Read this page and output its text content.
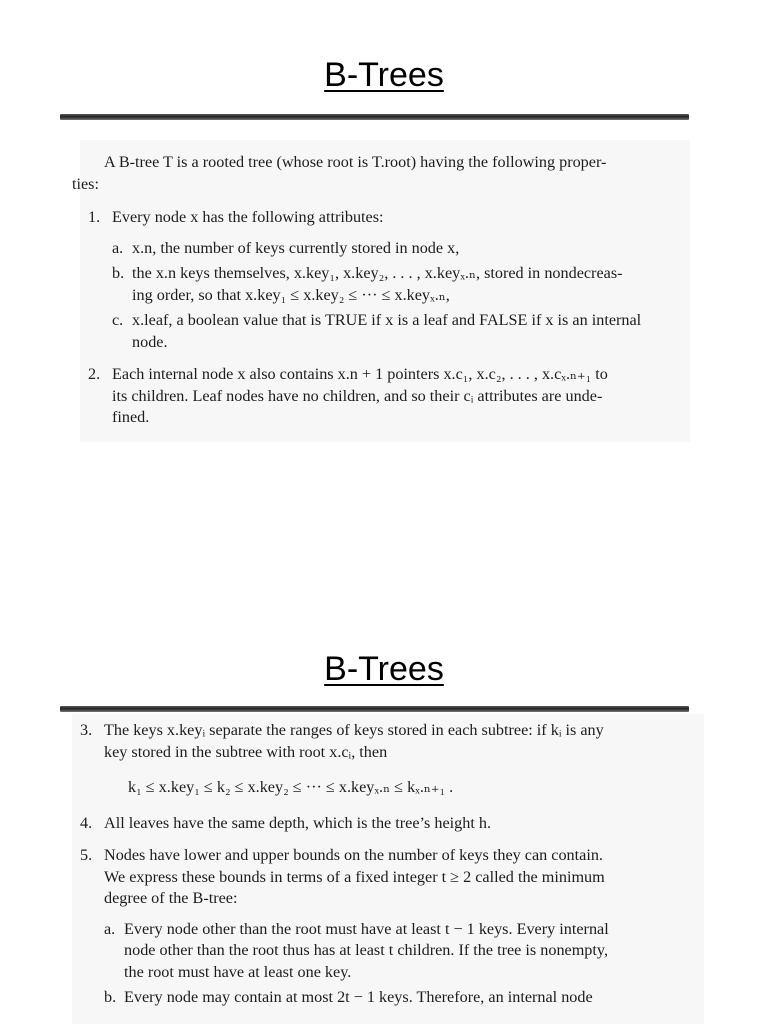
B-Trees

A B-tree T is a rooted tree (whose root is T.root) having the following proper-
ties:

1. Every node x has the following attributes:
a. x.n, the number of keys currently stored in node x,
b. the x.n keys themselves, x.key₁, x.key₂, . . . , x.keyₓ.ₙ, stored in nondecreas-
ing order, so that x.key₁ ≤ x.key₂ ≤ ··· ≤ x.keyₓ.ₙ,
c. x.leaf, a boolean value that is TRUE if x is a leaf and FALSE if x is an internal
node.
2. Each internal node x also contains x.n + 1 pointers x.c₁, x.c₂, . . . , x.cₓ.ₙ₊₁ to
its children. Leaf nodes have no children, and so their cᵢ attributes are unde-
fined.
B-Trees
3. The keys x.keyᵢ separate the ranges of keys stored in each subtree: if kᵢ is any
key stored in the subtree with root x.cᵢ, then
k₁ ≤ x.key₁ ≤ k₂ ≤ x.key₂ ≤ ··· ≤ x.keyₓ.ₙ ≤ kₓ.ₙ₊₁ .
4. All leaves have the same depth, which is the tree’s height h.
5. Nodes have lower and upper bounds on the number of keys they can contain.
We express these bounds in terms of a fixed integer t ≥ 2 called the minimum
degree of the B-tree:
a. Every node other than the root must have at least t − 1 keys. Every internal
node other than the root thus has at least t children. If the tree is nonempty,
the root must have at least one key.
b. Every node may contain at most 2t − 1 keys. Therefore, an internal node
